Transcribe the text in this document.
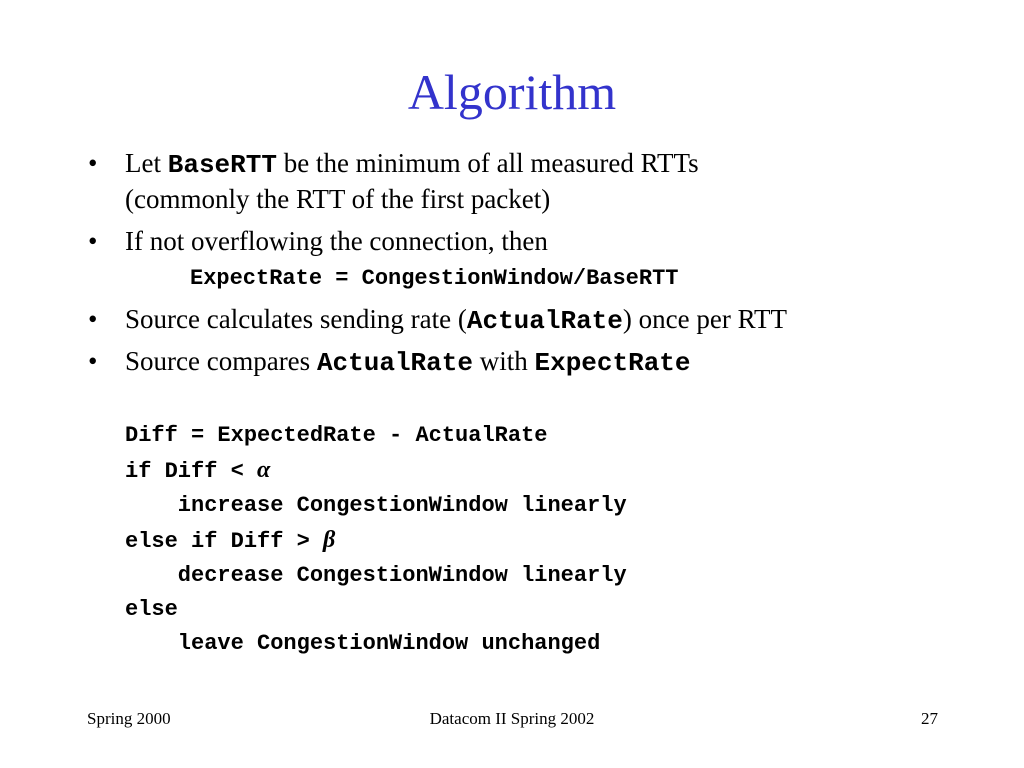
Algorithm
• Let BaseRTT be the minimum of all measured RTTs
(commonly the RTT of the first packet)
• If not overflowing the connection, then
ExpectRate = CongestionWindow/BaseRTT
• Source calculates sending rate (ActualRate) once per RTT
• Source compares ActualRate with ExpectRate
Diff = ExpectedRate - ActualRate
if Diff < α
increase CongestionWindow linearly
else if Diff > β
decrease CongestionWindow linearly
else
leave CongestionWindow unchanged
Spring 2000	Datacom II Spring 2002	27
